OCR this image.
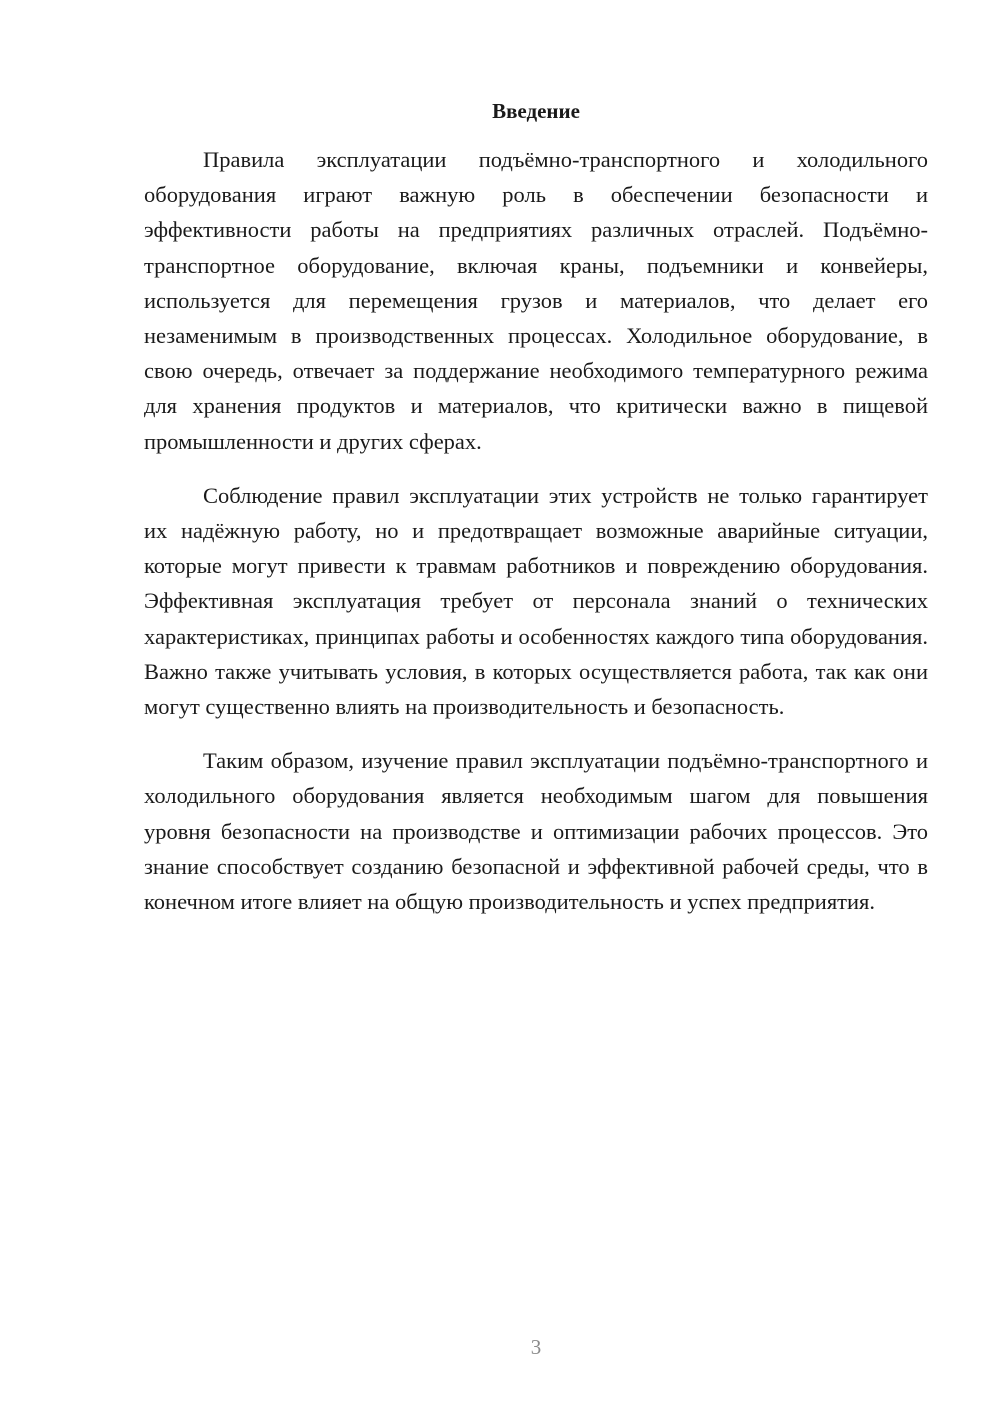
Введение

Правила эксплуатации подъёмно-транспортного и холодильного оборудования играют важную роль в обеспечении безопасности и эффективности работы на предприятиях различных отраслей. Подъёмно-транспортное оборудование, включая краны, подъемники и конвейеры, используется для перемещения грузов и материалов, что делает его незаменимым в производственных процессах. Холодильное оборудование, в свою очередь, отвечает за поддержание необходимого температурного режима для хранения продуктов и материалов, что критически важно в пищевой промышленности и других сферах.

Соблюдение правил эксплуатации этих устройств не только гарантирует их надёжную работу, но и предотвращает возможные аварийные ситуации, которые могут привести к травмам работников и повреждению оборудования. Эффективная эксплуатация требует от персонала знаний о технических характеристиках, принципах работы и особенностях каждого типа оборудования. Важно также учитывать условия, в которых осуществляется работа, так как они могут существенно влиять на производительность и безопасность.

Таким образом, изучение правил эксплуатации подъёмно-транспортного и холодильного оборудования является необходимым шагом для повышения уровня безопасности на производстве и оптимизации рабочих процессов. Это знание способствует созданию безопасной и эффективной рабочей среды, что в конечном итоге влияет на общую производительность и успех предприятия.

3
